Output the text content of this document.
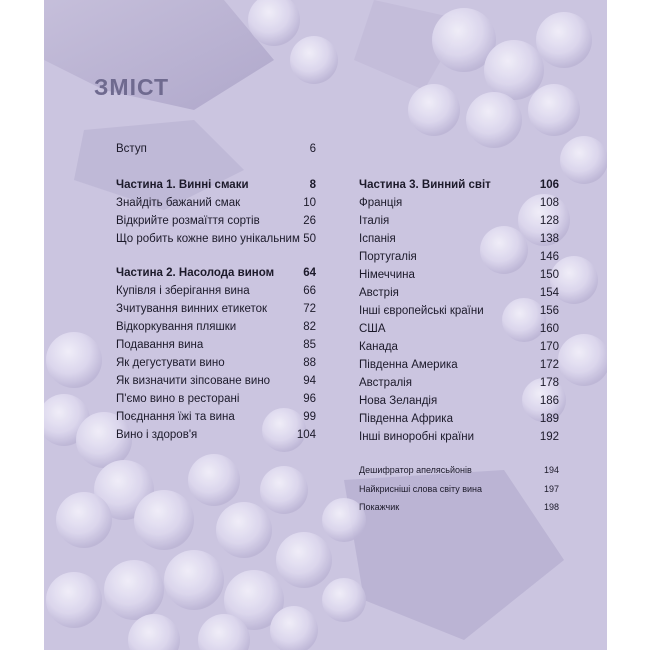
ЗМІСТ
Вступ	6
Частина 1. Винні смаки	8
Знайдіть бажаний смак	10
Відкрийте розмаїття сортів	26
Що робить кожне вино унікальним 50
Частина 2. Насолода вином	64
Купівля і зберігання вина	66
Зчитування винних етикеток	72
Відкоркування пляшки	82
Подавання вина	85
Як дегустувати вино	88
Як визначити зіпсоване вино	94
П'ємо вино в ресторані	96
Поєднання їжі та вина	99
Вино і здоров'я	104
Частина 3. Винний світ	106
Франція	108
Італія	128
Іспанія	138
Португалія	146
Німеччина	150
Австрія	154
Інші європейські країни	156
США	160
Канада	170
Південна Америка	172
Австралія	178
Нова Зеландія	186
Південна Африка	189
Інші виноробні країни	192
Дешифратор апелясьйонів	194
Найкрисніші слова світу вина	197
Покажчик	198
